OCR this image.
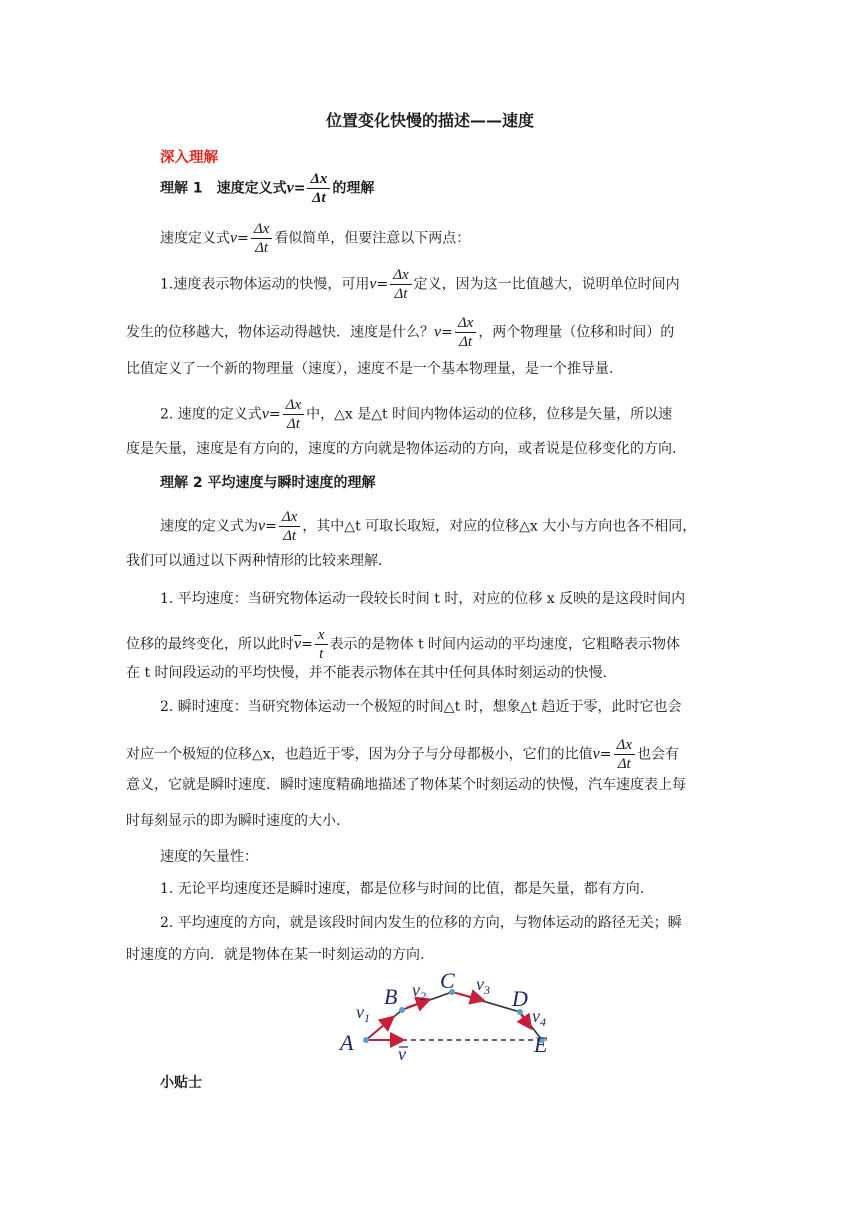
位置变化快慢的描述——速度
深入理解
理解 1　速度定义式$v= \frac{\Delta x}{\Delta t}$ 的理解
速度定义式$v= \frac{\Delta x}{\Delta t}$ 看似简单，但要注意以下两点：
1.速度表示物体运动的快慢，可用$v= \frac{\Delta x}{\Delta t}$ 定义，因为这一比值越大，说明单位时间内
发生的位移越大，物体运动得越快．速度是什么？$v= \frac{\Delta x}{\Delta t}$ ，两个物理量（位移和时间）的
比值定义了一个新的物理量（速度），速度不是一个基本物理量，是一个推导量.
2. 速度的定义式$v= \frac{\Delta x}{\Delta t}$ 中，△x 是△t 时间内物体运动的位移，位移是矢量，所以速
度是矢量，速度是有方向的，速度的方向就是物体运动的方向，或者说是位移变化的方向.
理解 2 平均速度与瞬时速度的理解
速度的定义式为$v= \frac{\Delta x}{\Delta t}$ ，其中△t 可取长取短，对应的位移△x 大小与方向也各不相同，
我们可以通过以下两种情形的比较来理解.
1. 平均速度：当研究物体运动一段较长时间 t 时，对应的位移 x 反映的是这段时间内
位移的最终变化，所以此时$\overline{v}= \frac{x}{t}$ 表示的是物体 t 时间内运动的平均速度，它粗略表示物体
在 t 时间段运动的平均快慢，并不能表示物体在其中任何具体时刻运动的快慢.
2. 瞬时速度：当研究物体运动一个极短的时间△t 时，想象△t 趋近于零，此时它也会
对应一个极短的位移△x，也趋近于零，因为分子与分母都极小，它们的比值$v= \frac{\Delta x}{\Delta t}$ 也会有
意义，它就是瞬时速度．瞬时速度精确地描述了物体某个时刻运动的快慢，汽车速度表上每
时每刻显示的即为瞬时速度的大小.
速度的矢量性：
1. 无论平均速度还是瞬时速度，都是位移与时间的比值，都是矢量，都有方向.
2. 平均速度的方向，就是该段时间内发生的位移的方向，与物体运动的路径无关；瞬
时速度的方向．就是物体在某一时刻运动的方向.
A
B
C
D
E
$v_1$
$v_2$
$v_3$
$v_4$
v
小贴士
